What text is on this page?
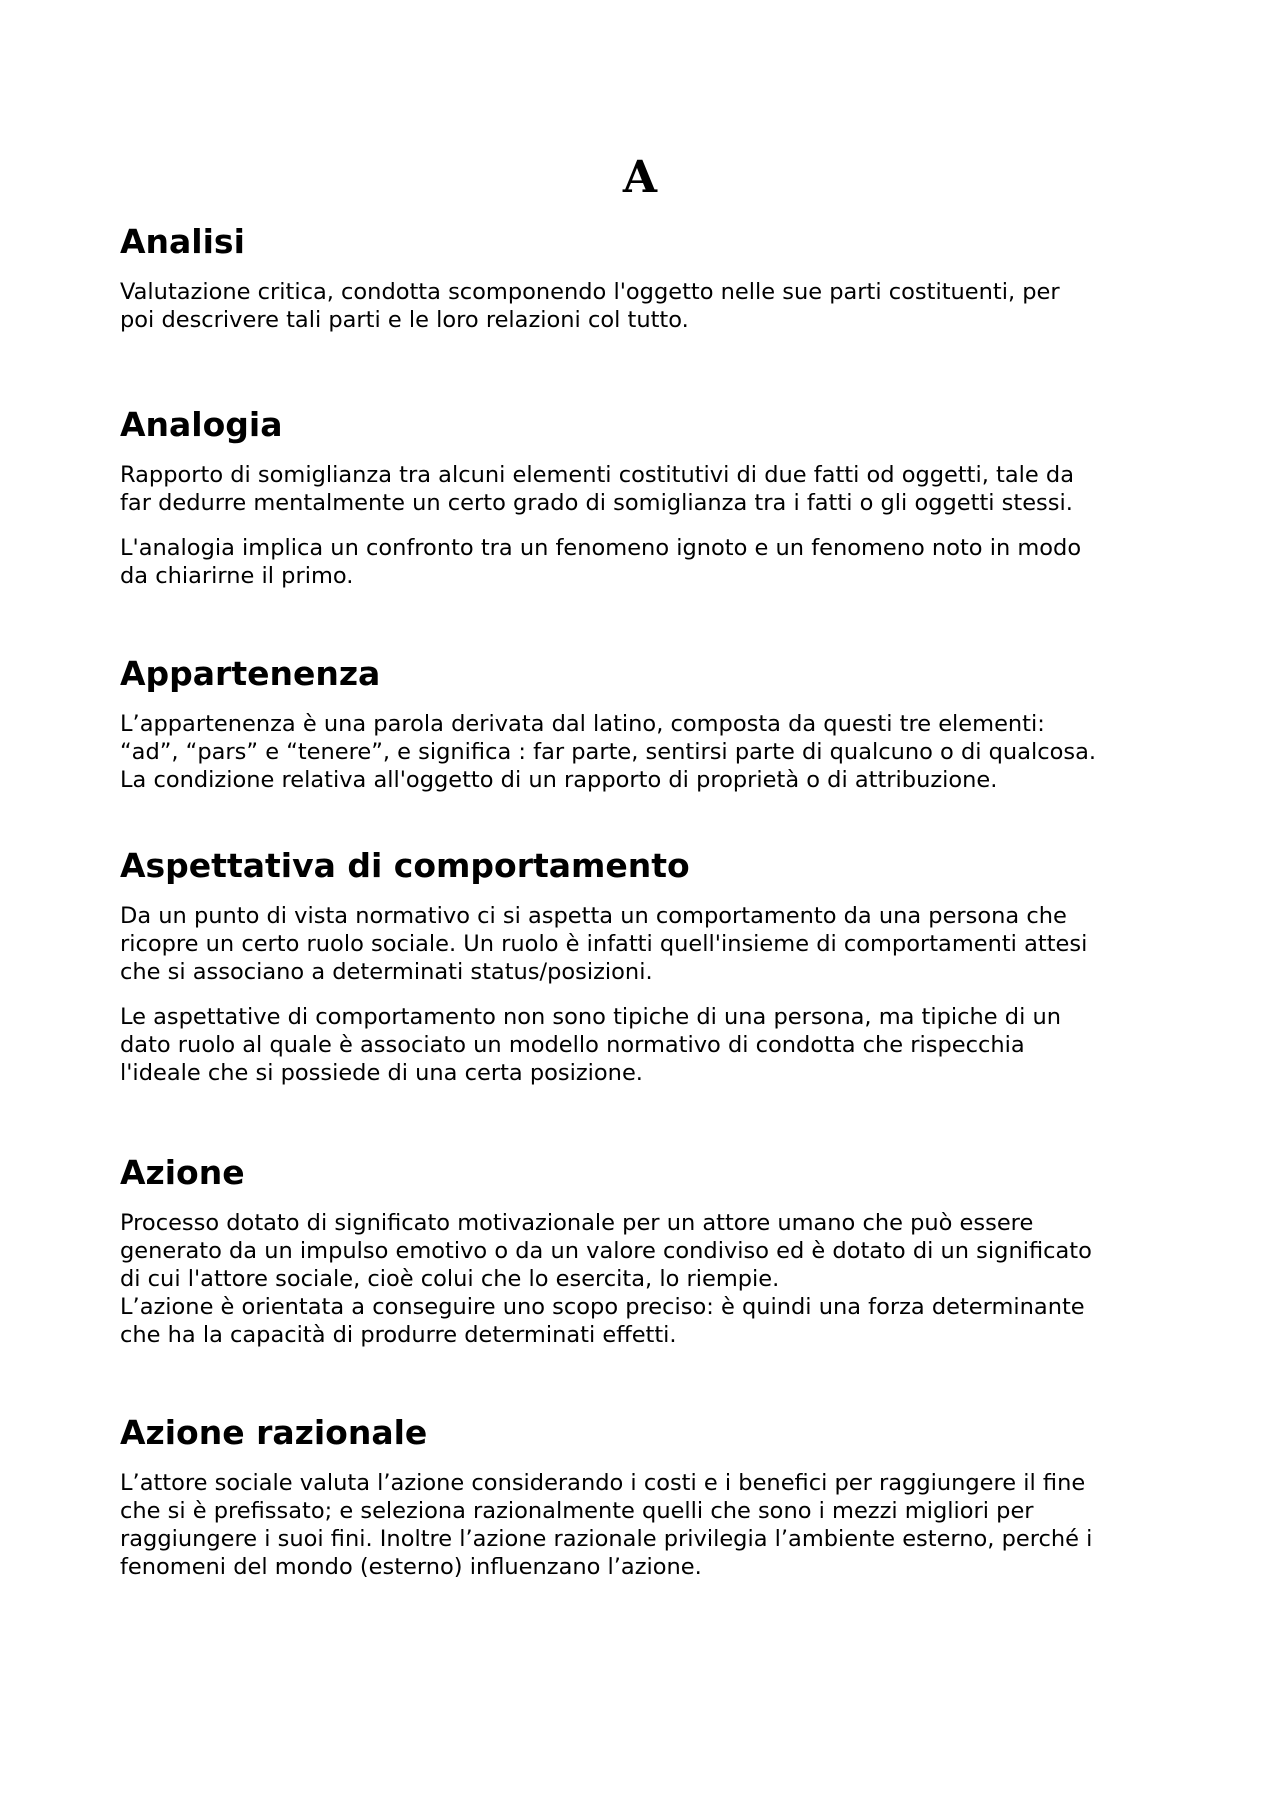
A
Analisi

Valutazione critica, condotta scomponendo l'oggetto nelle sue parti costituenti, per
poi descrivere tali parti e le loro relazioni col tutto.

Analogia

Rapporto di somiglianza tra alcuni elementi costitutivi di due fatti od oggetti, tale da
far dedurre mentalmente un certo grado di somiglianza tra i fatti o gli oggetti stessi.

L'analogia implica un confronto tra un fenomeno ignoto e un fenomeno noto in modo
da chiarirne il primo.

Appartenenza

L’appartenenza è una parola derivata dal latino, composta da questi tre elementi:
“ad”, “pars” e “tenere”, e significa : far parte, sentirsi parte di qualcuno o di qualcosa.
La condizione relativa all'oggetto di un rapporto di proprietà o di attribuzione.

Aspettativa di comportamento

Da un punto di vista normativo ci si aspetta un comportamento da una persona che
ricopre un certo ruolo sociale. Un ruolo è infatti quell'insieme di comportamenti attesi
che si associano a determinati status/posizioni.

Le aspettative di comportamento non sono tipiche di una persona, ma tipiche di un
dato ruolo al quale è associato un modello normativo di condotta che rispecchia
l'ideale che si possiede di una certa posizione.

Azione

Processo dotato di significato motivazionale per un attore umano che può essere
generato da un impulso emotivo o da un valore condiviso ed è dotato di un significato
di cui l'attore sociale, cioè colui che lo esercita, lo riempie.
L’azione è orientata a conseguire uno scopo preciso: è quindi una forza determinante
che ha la capacità di produrre determinati effetti.

Azione razionale

L’attore sociale valuta l’azione considerando i costi e i benefici per raggiungere il fine
che si è prefissato; e seleziona razionalmente quelli che sono i mezzi migliori per
raggiungere i suoi fini. Inoltre l’azione razionale privilegia l’ambiente esterno, perché i
fenomeni del mondo (esterno) influenzano l’azione.
